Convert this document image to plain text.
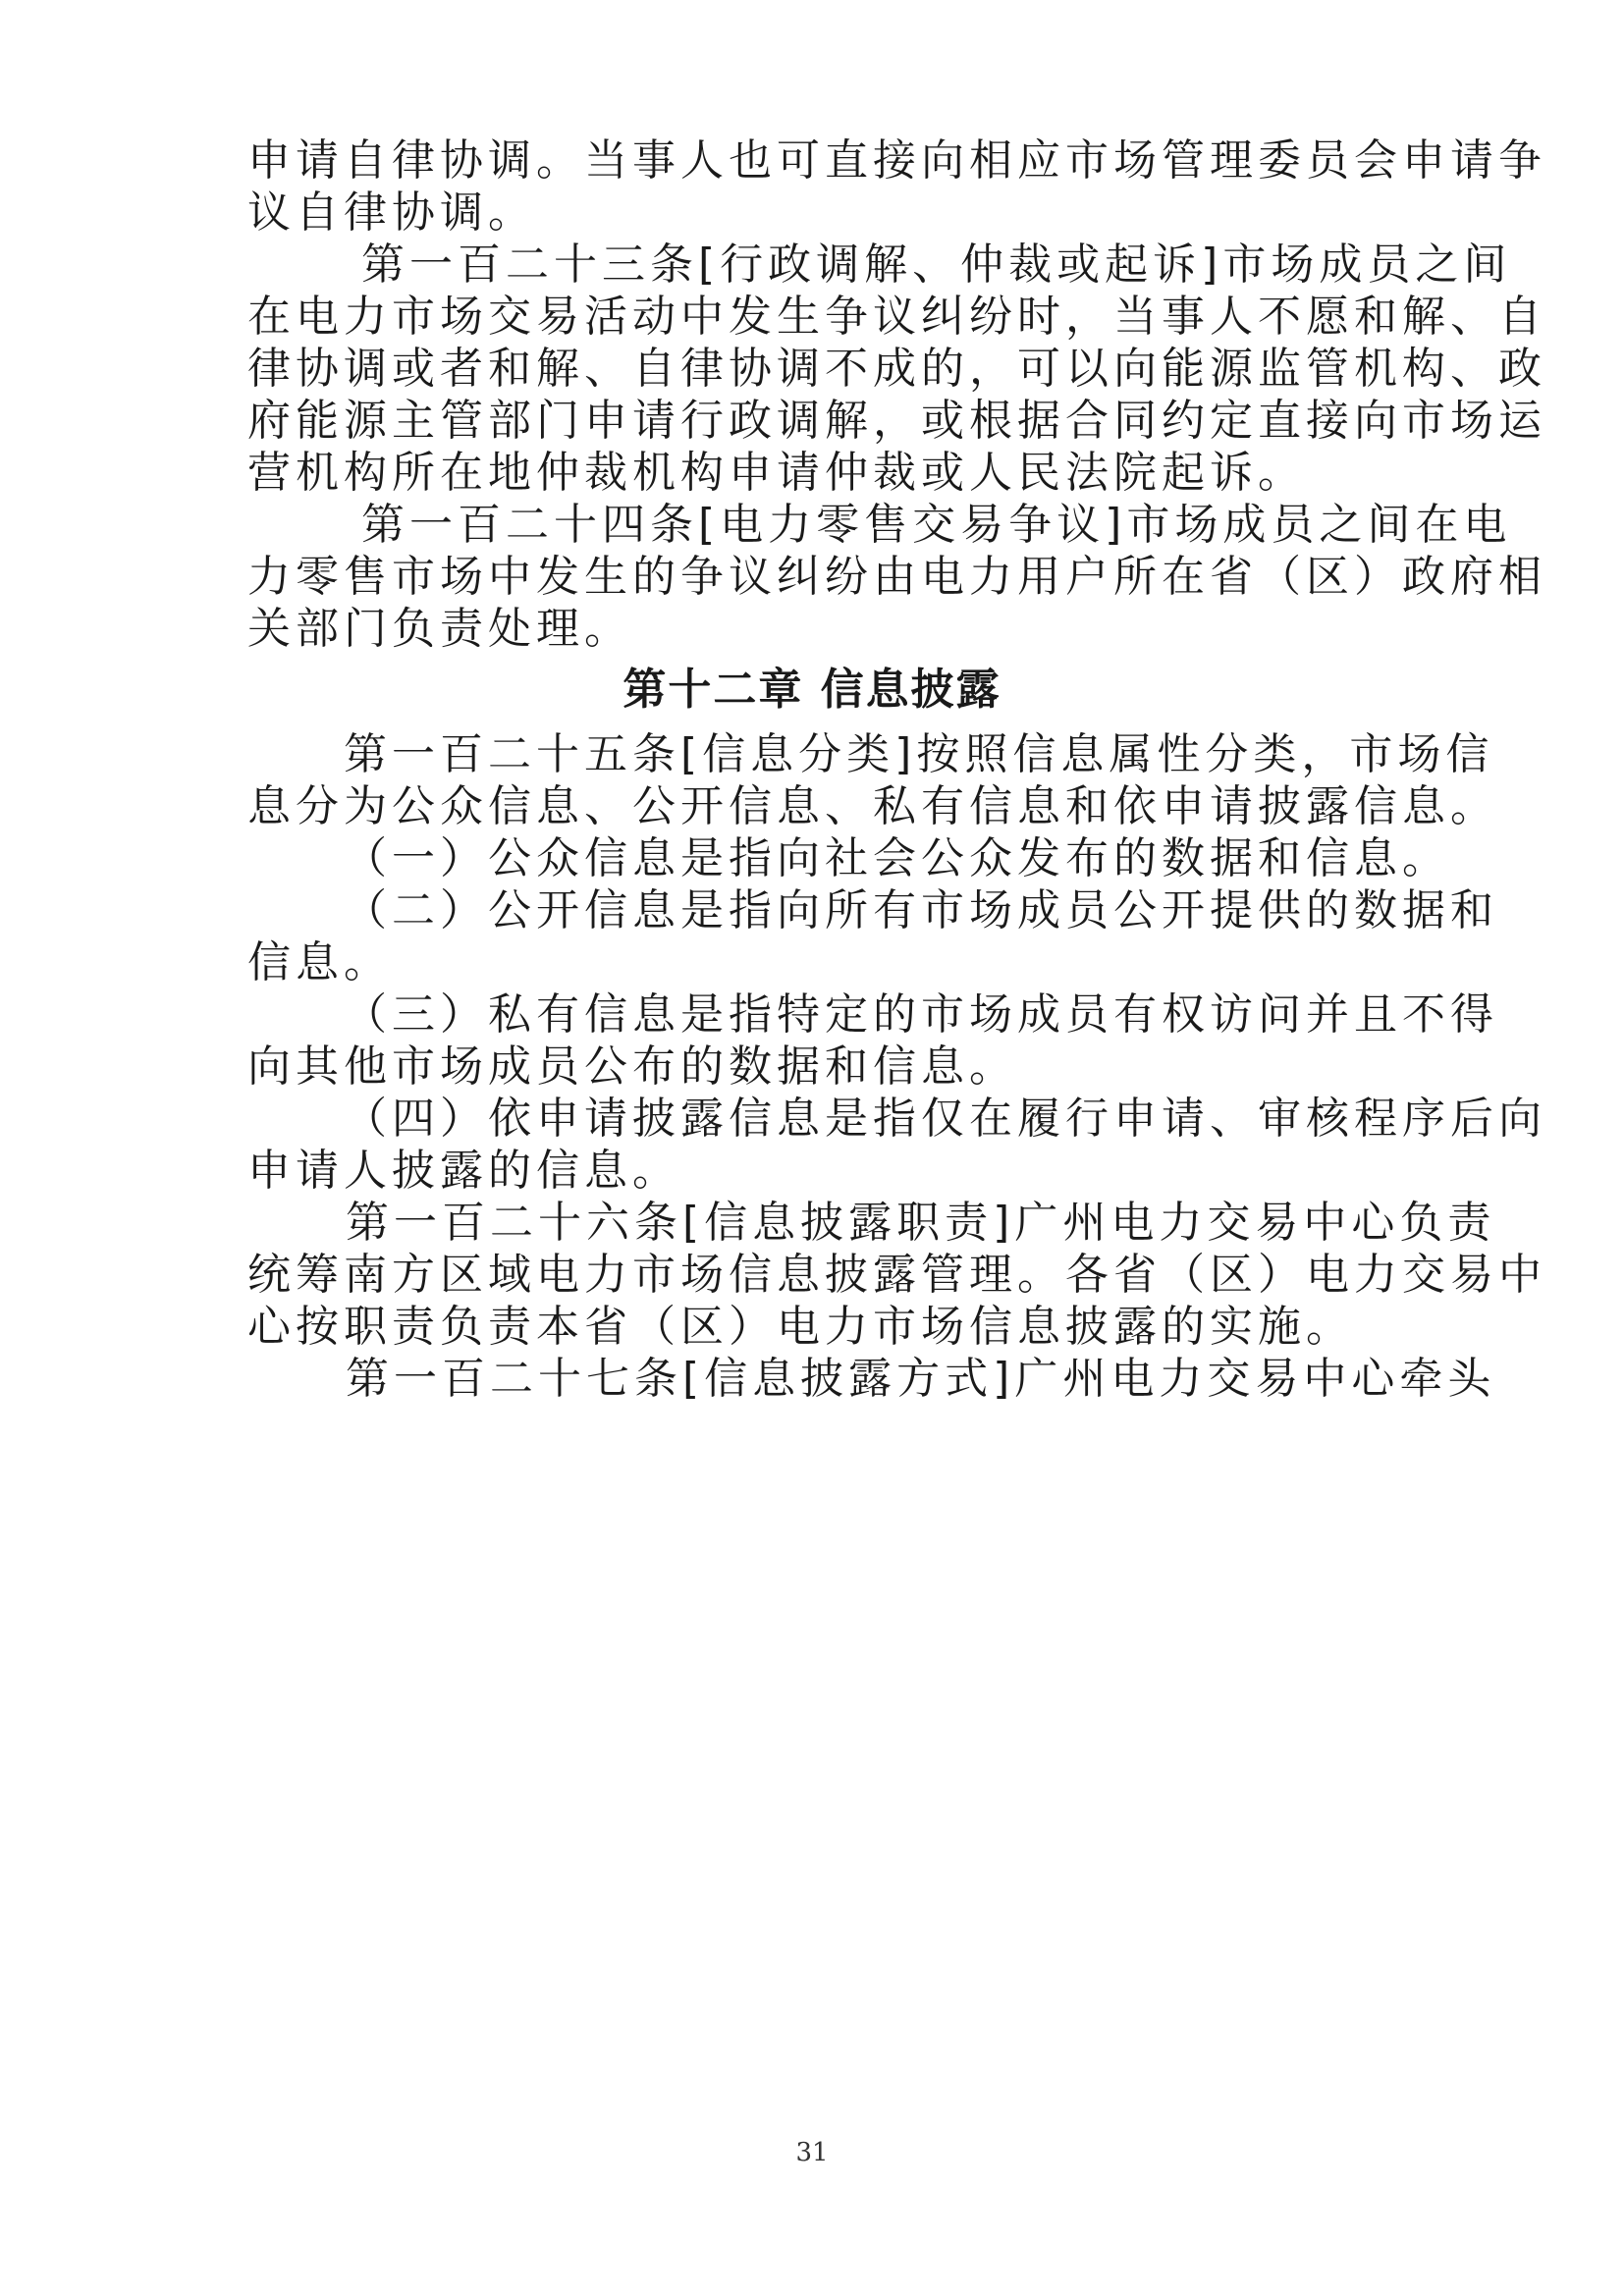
申请自律协调。当事人也可直接向相应市场管理委员会申请争
议自律协调。
第一百二十三条[行政调解、仲裁或起诉]市场成员之间
在电力市场交易活动中发生争议纠纷时，当事人不愿和解、自
律协调或者和解、自律协调不成的，可以向能源监管机构、政
府能源主管部门申请行政调解，或根据合同约定直接向市场运
营机构所在地仲裁机构申请仲裁或人民法院起诉。
第一百二十四条[电力零售交易争议]市场成员之间在电
力零售市场中发生的争议纠纷由电力用户所在省（区）政府相
关部门负责处理。
第十二章 信息披露
第一百二十五条[信息分类]按照信息属性分类，市场信
息分为公众信息、公开信息、私有信息和依申请披露信息。
（一）公众信息是指向社会公众发布的数据和信息。
（二）公开信息是指向所有市场成员公开提供的数据和
信息。
（三）私有信息是指特定的市场成员有权访问并且不得
向其他市场成员公布的数据和信息。
（四）依申请披露信息是指仅在履行申请、审核程序后向
申请人披露的信息。
第一百二十六条[信息披露职责]广州电力交易中心负责
统筹南方区域电力市场信息披露管理。各省（区）电力交易中
心按职责负责本省（区）电力市场信息披露的实施。
第一百二十七条[信息披露方式]广州电力交易中心牵头
31
